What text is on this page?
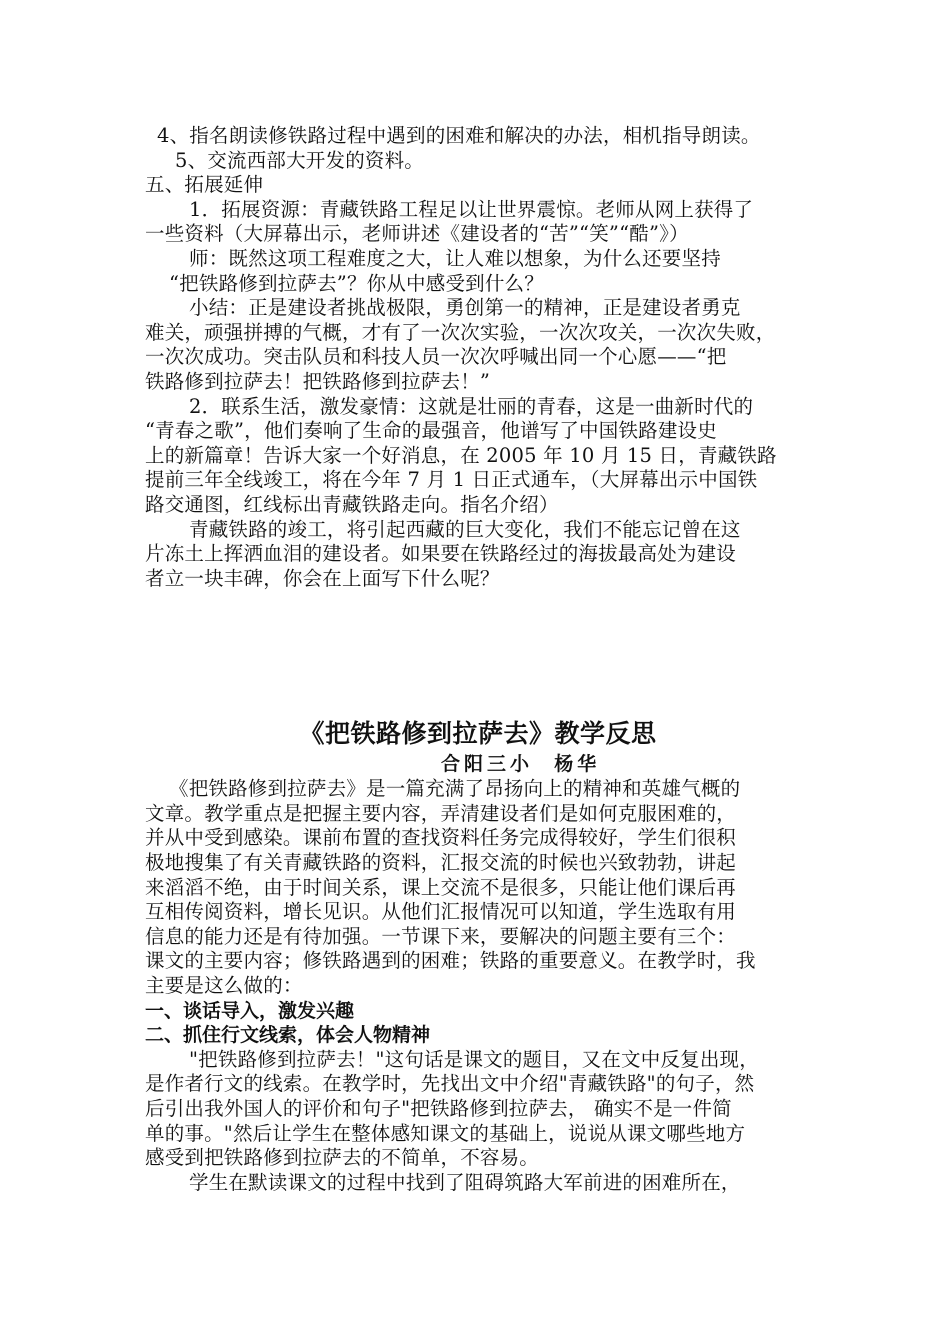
4、指名朗读修铁路过程中遇到的困难和解决的办法，相机指导朗读。
5、交流西部大开发的资料。
五、拓展延伸
1．拓展资源：青藏铁路工程足以让世界震惊。老师从网上获得了
一些资料（大屏幕出示，老师讲述《建设者的“苦”“笑”“酷”》）
师：既然这项工程难度之大，让人难以想象，为什么还要坚持
“把铁路修到拉萨去”？你从中感受到什么？
小结：正是建设者挑战极限，勇创第一的精神，正是建设者勇克
难关，顽强拼搏的气概，才有了一次次实验，一次次攻关，一次次失败，
一次次成功。突击队员和科技人员一次次呼喊出同一个心愿——“把
铁路修到拉萨去！把铁路修到拉萨去！”
2．联系生活，激发豪情：这就是壮丽的青春，这是一曲新时代的
“青春之歌”，他们奏响了生命的最强音，他谱写了中国铁路建设史
上的新篇章！告诉大家一个好消息，在 2005 年 10 月 15 日，青藏铁路
提前三年全线竣工，将在今年 7 月 1 日正式通车，（大屏幕出示中国铁
路交通图，红线标出青藏铁路走向。指名介绍）
青藏铁路的竣工，将引起西藏的巨大变化，我们不能忘记曾在这
片冻土上挥洒血泪的建设者。如果要在铁路经过的海拔最高处为建设
者立一块丰碑，你会在上面写下什么呢？
《把铁路修到拉萨去》教学反思
合阳三小  杨华
《把铁路修到拉萨去》是一篇充满了昂扬向上的精神和英雄气概的
文章。教学重点是把握主要内容，弄清建设者们是如何克服困难的，
并从中受到感染。课前布置的查找资料任务完成得较好，学生们很积
极地搜集了有关青藏铁路的资料，汇报交流的时候也兴致勃勃，讲起
来滔滔不绝，由于时间关系，课上交流不是很多，只能让他们课后再
互相传阅资料，增长见识。从他们汇报情况可以知道，学生选取有用
信息的能力还是有待加强。一节课下来，要解决的问题主要有三个：
课文的主要内容；修铁路遇到的困难；铁路的重要意义。在教学时，我
主要是这么做的：
一、谈话导入，激发兴趣
二、抓住行文线索，体会人物精神
"把铁路修到拉萨去！"这句话是课文的题目，又在文中反复出现，
是作者行文的线索。在教学时，先找出文中介绍"青藏铁路"的句子，然
后引出我外国人的评价和句子"把铁路修到拉萨去， 确实不是一件简
单的事。"然后让学生在整体感知课文的基础上，说说从课文哪些地方
感受到把铁路修到拉萨去的不简单，不容易。
学生在默读课文的过程中找到了阻碍筑路大军前进的困难所在，
